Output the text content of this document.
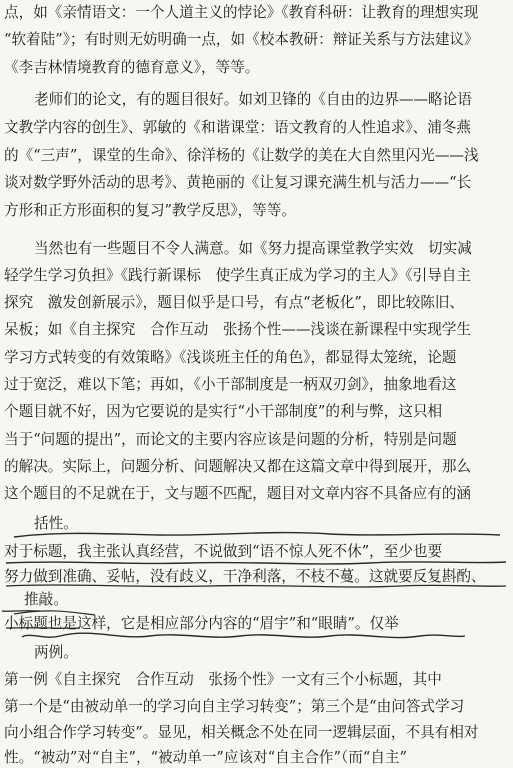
点，如《亲情语文：一个人道主义的悖论》《教育科研：让教育的理想实现
“软着陆”》；有时则无妨明确一点，如《校本教研：辩证关系与方法建议》
《李吉林情境教育的德育意义》，等等。
老师们的论文，有的题目很好。如刘卫锋的《自由的边界——略论语
文教学内容的创生》、郭敏的《和谐课堂：语文教育的人性追求》、浦冬燕
的《“三声”，课堂的生命》、徐洋杨的《让数学的美在大自然里闪光——浅
谈对数学野外活动的思考》、黄艳丽的《让复习课充满生机与活力——“长
方形和正方形面积的复习”教学反思》，等等。
当然也有一些题目不令人满意。如《努力提高课堂教学实效　切实减
轻学生学习负担》《践行新课标　使学生真正成为学习的主人》《引导自主
探究　激发创新展示》，题目似乎是口号，有点“老板化”，即比较陈旧、
呆板；如《自主探究　合作互动　张扬个性——浅谈在新课程中实现学生
学习方式转变的有效策略》《浅谈班主任的角色》，都显得太笼统，论题
过于宽泛，难以下笔；再如，《小干部制度是一柄双刃剑》，抽象地看这
个题目就不好，因为它要说的是实行“小干部制度”的利与弊，这只相
当于“问题的提出”，而论文的主要内容应该是问题的分析，特别是问题
的解决。实际上，问题分析、问题解决又都在这篇文章中得到展开，那么
这个题目的不足就在于，文与题不匹配，题目对文章内容不具备应有的涵
括性。
对于标题，我主张认真经营，不说做到“语不惊人死不休”，至少也要
努力做到准确、妥帖，没有歧义，干净利落，不枝不蔓。这就要反复斟酌、
推敲。
小标题也是这样，它是相应部分内容的“眉宇”和“眼睛”。仅举
两例。
第一例《自主探究　合作互动　张扬个性》一文有三个小标题，其中
第一个是“由被动单一的学习向自主学习转变”；第三个是“由问答式学习
向小组合作学习转变”。显见，相关概念不处在同一逻辑层面，不具有相对
性。“被动”对“自主”，“被动单一”应该对“自主合作”（而“自主”
